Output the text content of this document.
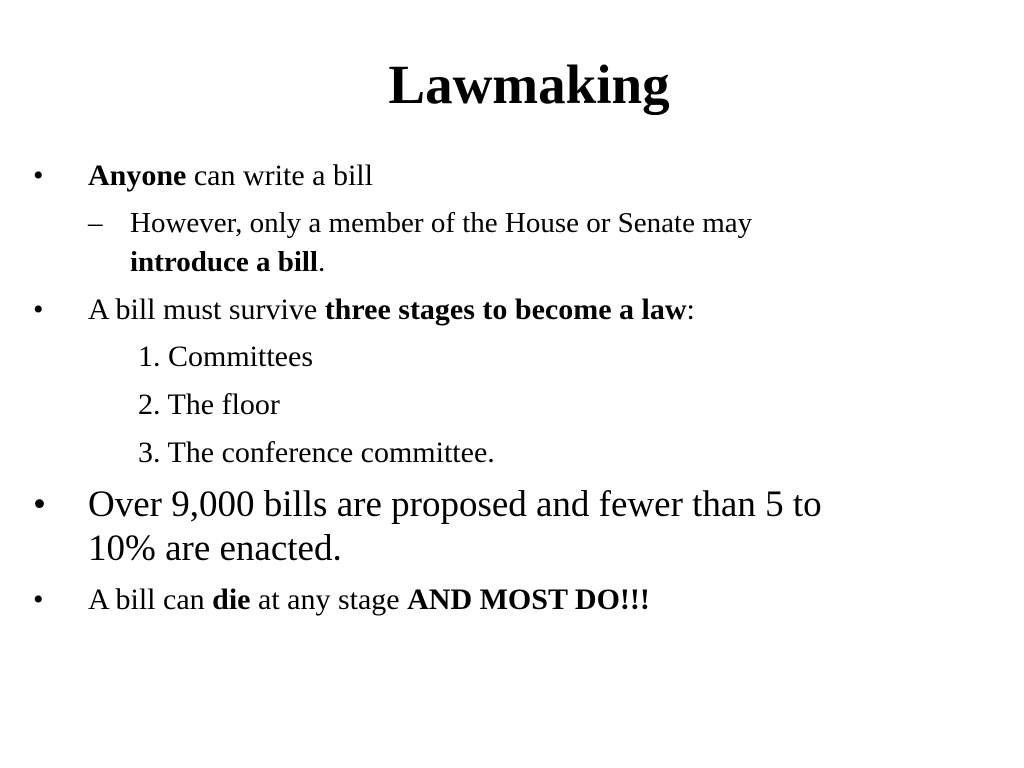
Lawmaking
• Anyone can write a bill
– However, only a member of the House or Senate may
introduce a bill.
• A bill must survive three stages to become a law:
1. Committees
2. The floor
3. The conference committee.
• Over 9,000 bills are proposed and fewer than 5 to
10% are enacted.
• A bill can die at any stage AND MOST DO!!!
